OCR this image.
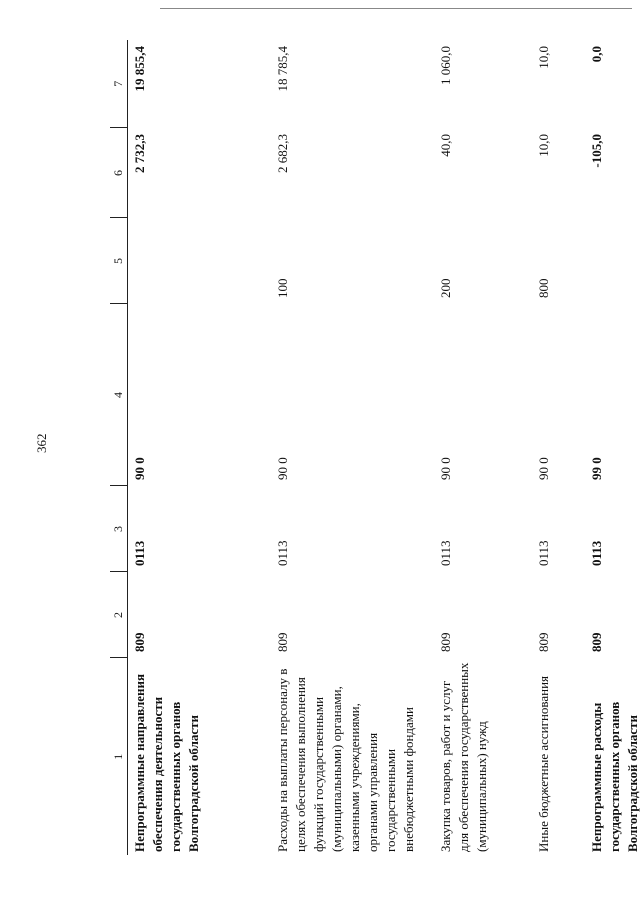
362
1	2	3	4	5	6	7
Непрограммные направления обеспечения деятельности государственных органов Волгоградской области	809	0113	90 0		2 732,3	19 855,4
Расходы на выплаты персоналу в целях обеспечения выполнения функций государственными (муниципальными) органами, казенными учреждениями, органами управления государственными внебюджетными фондами	809	0113	90 0	100	2 682,3	18 785,4
Закупка товаров, работ и услуг для обеспечения государственных (муниципальных) нужд	809	0113	90 0	200	40,0	1 060,0
Иные бюджетные ассигнования	809	0113	90 0	800	10,0	10,0
Непрограммные расходы государственных органов Волгоградской области	809	0113	99 0		-105,0	0,0
